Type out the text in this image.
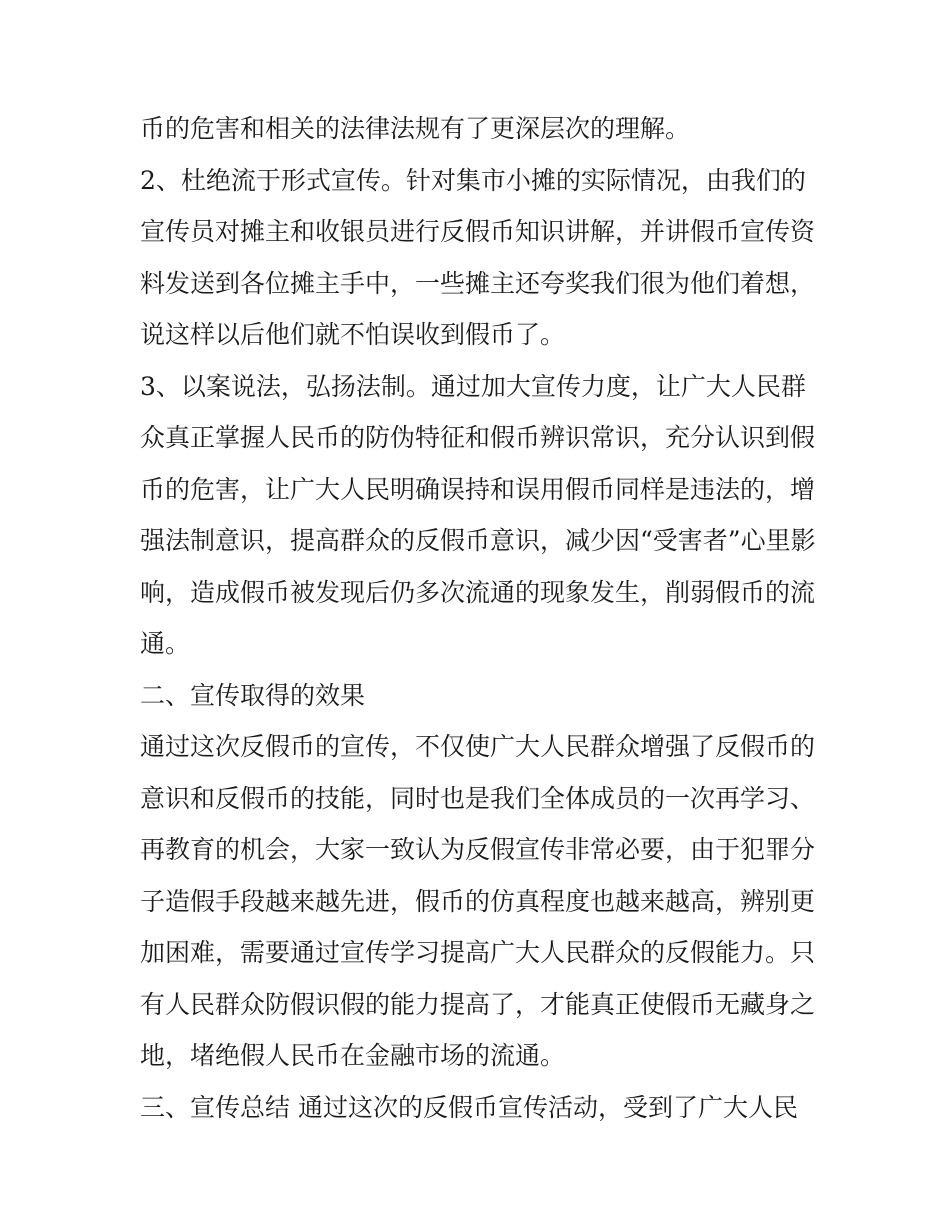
币的危害和相关的法律法规有了更深层次的理解。
2、杜绝流于形式宣传。针对集市小摊的实际情况，由我们的
宣传员对摊主和收银员进行反假币知识讲解，并讲假币宣传资
料发送到各位摊主手中，一些摊主还夸奖我们很为他们着想，
说这样以后他们就不怕误收到假币了。
3、以案说法，弘扬法制。通过加大宣传力度，让广大人民群
众真正掌握人民币的防伪特征和假币辨识常识，充分认识到假
币的危害，让广大人民明确误持和误用假币同样是违法的，增
强法制意识，提高群众的反假币意识，减少因“受害者”心里影
响，造成假币被发现后仍多次流通的现象发生，削弱假币的流
通。
二、宣传取得的效果
通过这次反假币的宣传，不仅使广大人民群众增强了反假币的
意识和反假币的技能，同时也是我们全体成员的一次再学习、
再教育的机会，大家一致认为反假宣传非常必要，由于犯罪分
子造假手段越来越先进，假币的仿真程度也越来越高，辨别更
加困难，需要通过宣传学习提高广大人民群众的反假能力。只
有人民群众防假识假的能力提高了，才能真正使假币无藏身之
地，堵绝假人民币在金融市场的流通。
三、宣传总结 通过这次的反假币宣传活动，受到了广大人民
